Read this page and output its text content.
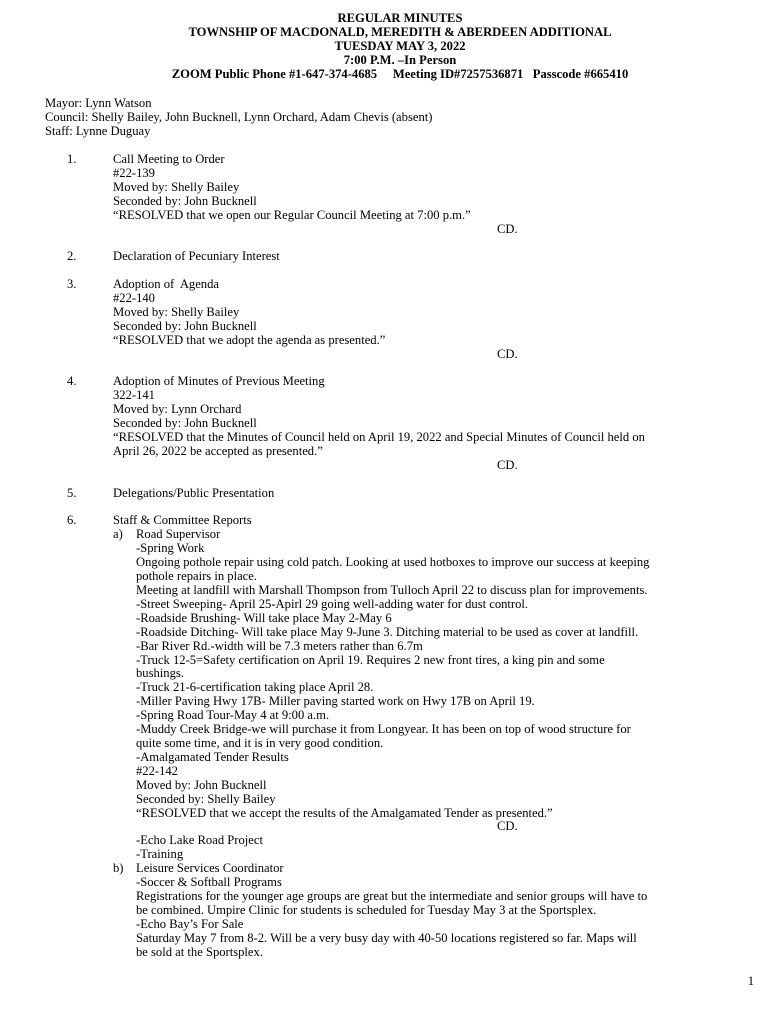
REGULAR MINUTES
TOWNSHIP OF MACDONALD, MEREDITH & ABERDEEN ADDITIONAL
TUESDAY MAY 3, 2022
7:00 P.M. –In Person
ZOOM Public Phone #1-647-374-4685     Meeting ID#7257536871   Passcode #665410
Mayor: Lynn Watson
Council: Shelly Bailey, John Bucknell, Lynn Orchard, Adam Chevis (absent)
Staff: Lynne Duguay
1.	Call Meeting to Order
#22-139
Moved by: Shelly Bailey
Seconded by: John Bucknell
“RESOLVED that we open our Regular Council Meeting at 7:00 p.m.”
CD.
2.	Declaration of Pecuniary Interest
3.	Adoption of  Agenda
#22-140
Moved by: Shelly Bailey
Seconded by: John Bucknell
“RESOLVED that we adopt the agenda as presented.”
CD.
4.	Adoption of Minutes of Previous Meeting
322-141
Moved by: Lynn Orchard
Seconded by: John Bucknell
“RESOLVED that the Minutes of Council held on April 19, 2022 and Special Minutes of Council held on
April 26, 2022 be accepted as presented.”
CD.
5.	Delegations/Public Presentation
6.	Staff & Committee Reports
a) Road Supervisor
-Spring Work
Ongoing pothole repair using cold patch. Looking at used hotboxes to improve our success at keeping
pothole repairs in place.
Meeting at landfill with Marshall Thompson from Tulloch April 22 to discuss plan for improvements.
-Street Sweeping- April 25-Apirl 29 going well-adding water for dust control.
-Roadside Brushing- Will take place May 2-May 6
-Roadside Ditching- Will take place May 9-June 3. Ditching material to be used as cover at landfill.
-Bar River Rd.-width will be 7.3 meters rather than 6.7m
-Truck 12-5=Safety certification on April 19. Requires 2 new front tires, a king pin and some
bushings.
-Truck 21-6-certification taking place April 28.
-Miller Paving Hwy 17B- Miller paving started work on Hwy 17B on April 19.
-Spring Road Tour-May 4 at 9:00 a.m.
-Muddy Creek Bridge-we will purchase it from Longyear. It has been on top of wood structure for
quite some time, and it is in very good condition.
-Amalgamated Tender Results
#22-142
Moved by: John Bucknell
Seconded by: Shelly Bailey
“RESOLVED that we accept the results of the Amalgamated Tender as presented.”
CD.
-Echo Lake Road Project
-Training
b) Leisure Services Coordinator
-Soccer & Softball Programs
Registrations for the younger age groups are great but the intermediate and senior groups will have to
be combined. Umpire Clinic for students is scheduled for Tuesday May 3 at the Sportsplex.
-Echo Bay’s For Sale
Saturday May 7 from 8-2. Will be a very busy day with 40-50 locations registered so far. Maps will
be sold at the Sportsplex.
1
